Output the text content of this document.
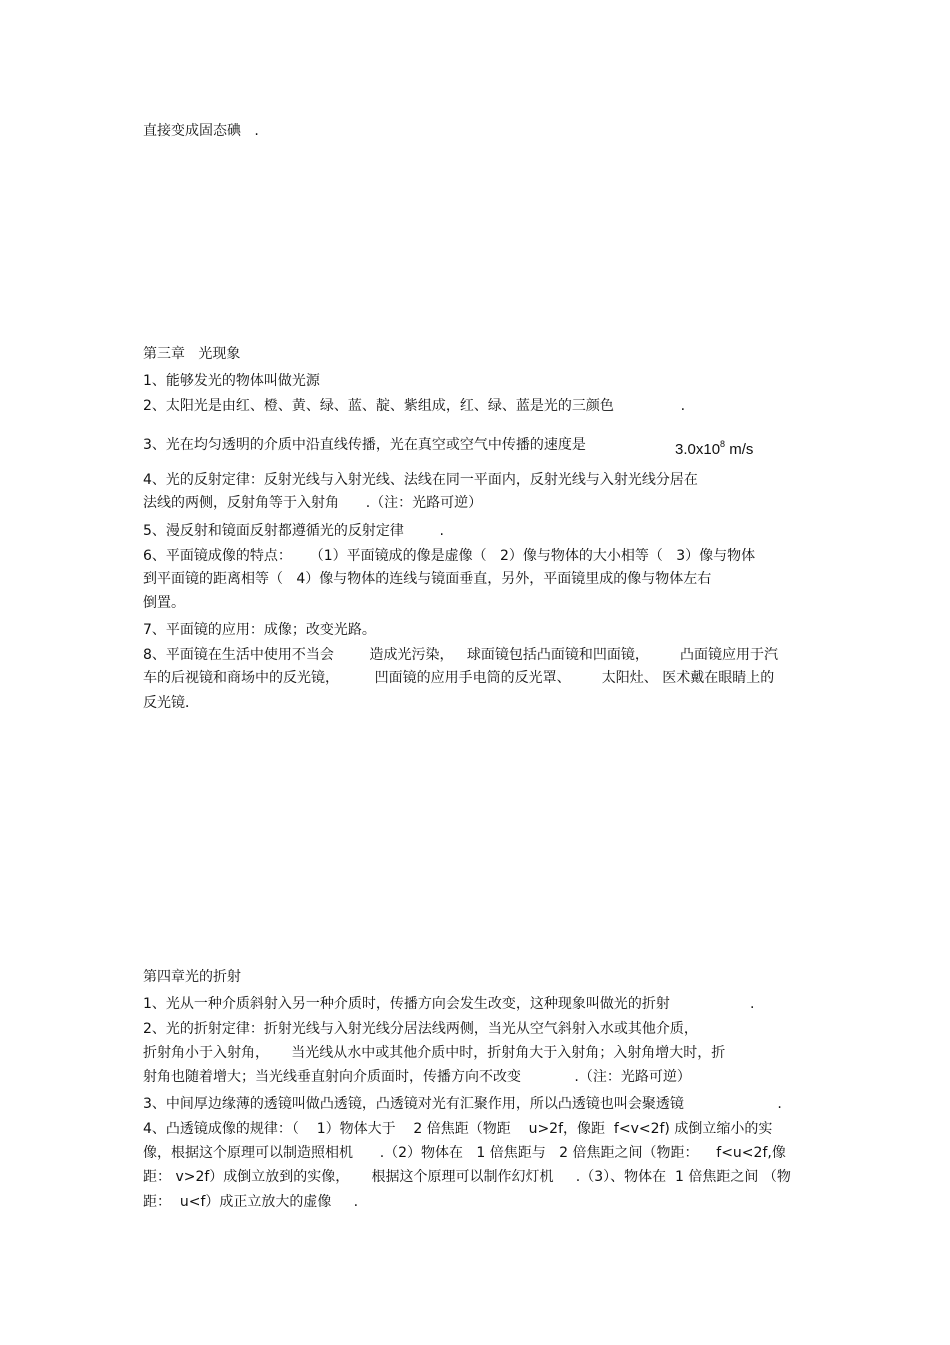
直接变成固态碘   .
第三章   光现象
1、能够发光的物体叫做光源
2、太阳光是由红、橙、黄、绿、蓝、靛、紫组成，红、绿、蓝是光的三颜色               .
3、光在均匀透明的介质中沿直线传播，光在真空或空气中传播的速度是	$3.0x10^8$ m/s
4、光的反射定律：反射光线与入射光线、法线在同一平面内，反射光线与入射光线分居在
法线的两侧，反射角等于入射角      .（注：光路可逆）
5、漫反射和镜面反射都遵循光的反射定律        .
6、平面镜成像的特点：    （1）平面镜成的像是虚像（   2）像与物体的大小相等（   3）像与物体
到平面镜的距离相等（   4）像与物体的连线与镜面垂直，另外，平面镜里成的像与物体左右
倒置。
7、平面镜的应用：成像；改变光路。
8、平面镜在生活中使用不当会        造成光污染，   球面镜包括凸面镜和凹面镜，       凸面镜应用于汽
车的后视镜和商场中的反光镜，        凹面镜的应用手电筒的反光罩、       太阳灶、 医术戴在眼睛上的
反光镜．
第四章光的折射
1、光从一种介质斜射入另一种介质时，传播方向会发生改变，这种现象叫做光的折射                  .
2、光的折射定律：折射光线与入射光线分居法线两侧，当光从空气斜射入水或其他介质，
折射角小于入射角，     当光线从水中或其他介质中时，折射角大于入射角；入射角增大时，折
射角也随着增大；当光线垂直射向介质面时，传播方向不改变            .（注：光路可逆）
3、中间厚边缘薄的透镜叫做凸透镜，凸透镜对光有汇聚作用，所以凸透镜也叫会聚透镜                     .
4、凸透镜成像的规律：（    1）物体大于    2 倍焦距（物距    u>2f，像距  f<v<2f) 成倒立缩小的实
像，根据这个原理可以制造照相机      .（2）物体在   1 倍焦距与   2 倍焦距之间（物距：    f<u<2f,像
距： v>2f）成倒立放到的实像，     根据这个原理可以制作幻灯机     .（3）、物体在  1 倍焦距之间 （物
距：  u<f）成正立放大的虚像     .
